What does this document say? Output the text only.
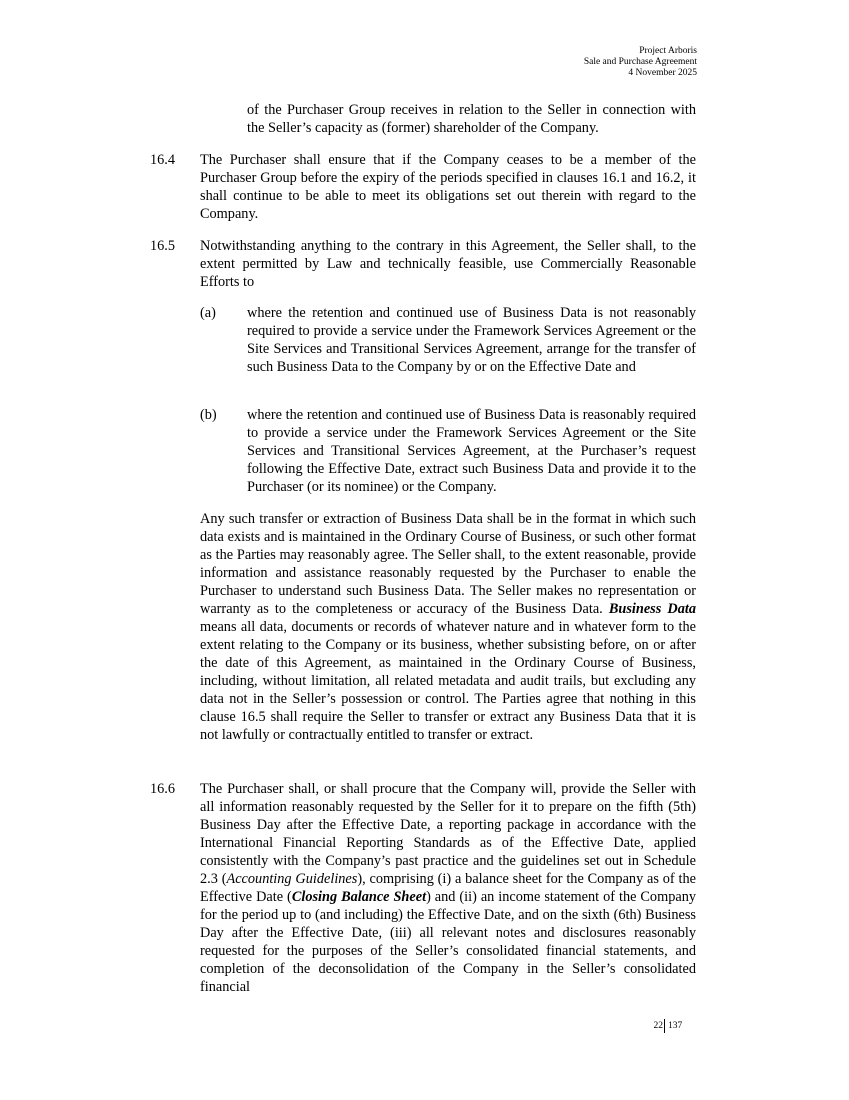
Project Arboris
Sale and Purchase Agreement
4 November 2025
of the Purchaser Group receives in relation to the Seller in connection with the Seller’s capacity as (former) shareholder of the Company.
16.4 The Purchaser shall ensure that if the Company ceases to be a member of the Purchaser Group before the expiry of the periods specified in clauses 16.1 and 16.2, it shall continue to be able to meet its obligations set out therein with regard to the Company.
16.5 Notwithstanding anything to the contrary in this Agreement, the Seller shall, to the extent permitted by Law and technically feasible, use Commercially Reasonable Efforts to
(a) where the retention and continued use of Business Data is not reasonably required to provide a service under the Framework Services Agreement or the Site Services and Transitional Services Agreement, arrange for the transfer of such Business Data to the Company by or on the Effective Date and
(b) where the retention and continued use of Business Data is reasonably required to provide a service under the Framework Services Agreement or the Site Services and Transitional Services Agreement, at the Purchaser’s request following the Effective Date, extract such Business Data and provide it to the Purchaser (or its nominee) or the Company.
Any such transfer or extraction of Business Data shall be in the format in which such data exists and is maintained in the Ordinary Course of Business, or such other format as the Parties may reasonably agree. The Seller shall, to the extent reasonable, provide information and assistance reasonably requested by the Purchaser to enable the Purchaser to understand such Business Data. The Seller makes no representation or warranty as to the completeness or accuracy of the Business Data. Business Data means all data, documents or records of whatever nature and in whatever form to the extent relating to the Company or its business, whether subsisting before, on or after the date of this Agreement, as maintained in the Ordinary Course of Business, including, without limitation, all related metadata and audit trails, but excluding any data not in the Seller’s possession or control. The Parties agree that nothing in this clause 16.5 shall require the Seller to transfer or extract any Business Data that it is not lawfully or contractually entitled to transfer or extract.
16.6 The Purchaser shall, or shall procure that the Company will, provide the Seller with all information reasonably requested by the Seller for it to prepare on the fifth (5th) Business Day after the Effective Date, a reporting package in accordance with the International Financial Reporting Standards as of the Effective Date, applied consistently with the Company’s past practice and the guidelines set out in Schedule 2.3 (Accounting Guidelines), comprising (i) a balance sheet for the Company as of the Effective Date (Closing Balance Sheet) and (ii) an income statement of the Company for the period up to (and including) the Effective Date, and on the sixth (6th) Business Day after the Effective Date, (iii) all relevant notes and disclosures reasonably requested for the purposes of the Seller’s consolidated financial statements, and completion of the deconsolidation of the Company in the Seller’s consolidated financial
22 137
